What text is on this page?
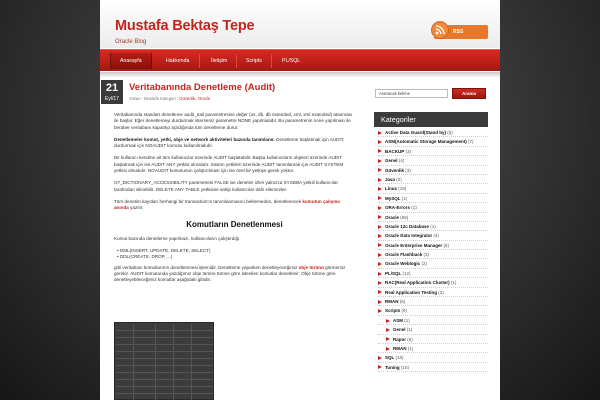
Mustafa Bektaş Tepe
Oracle Blog
RSS
Anasayfa	Hakkımda	İletişim	Scripts	PL/SQL
21
Eyl/17
Veritabanında Denetleme (Audit)
Yazan : Mustafa Kategori : Güvenlik, Oracle

Veritabanında standart denetleme audit_trail parametresine değer (os, db, db extended, xml, xml extended) atanması ile başlar. Eğer denetlemeyi durdurmak isterseniz parametre NONE yapılmalıdır. Bu parametrenin none yapılması ile beraber veritabanı kapatılıp açıldığında tüm denetleme durur.

Denetlemeler komut, yetki, obje ve network aktiviteleri bazında tanımlanır. Denetleme başlatmak için AUDIT, durdurmak için NOAUDIT komutu kullanılmalıdır.

Bir kullanıcı kendine ait tüm kullanıcılar üzerinde AUDIT başlatabilir. Başka kullanıcıların objeleri üzerinde AUDIT başlatmak için ise AUDIT ANY yetkisi olmalıdır. Sistem yetkileri üzerinde AUDIT tanımlamak için AUDIT SYSTEM yetkisi olmalıdır. NOAUDIT komutunun çalıştırılması için ise özel bir yetkiye gerek yoktur.

O7_DICTIONARY_ACCESSIBILITY parametresi FALSE ise denetim izleri yalnızca SYSDBA yetkili kullanıcılar tarafından silinebilir. DELETE ANY TABLE yetkisine sahip kullanıcılar dahi silemezler.

Tüm denetim kayıtları herhangi bir transaction'ın tanımlanmasını beklemeden, denetlenecek komutun çalışma anında yazılır.

Komutların Denetlenmesi

Komut bazında denetleme yapılmazı, kullanıcıların çalıştırdığı,

• DML(INSERT, UPDATE, DELETE, SELECT)
• DDL(CREATE, DROP, ...)

gibi veritabanı komutlarının denetlenmesi işlemidir. Denetleme yaparken denetleyeceğimiz obje türünü görmemiz gerekir. AUDIT komutunda yazdığımız obje türüne türüne göre istenilen komutlar denetlenir. Obje türüne göre denetleyebileceğimiz komutlar aşağıdaki gibidir.

Aranacak kelime
Arama
Kategoriler
Active Data Guard(Stand by) (5)
ASM(Automatic Storage Management) (7)
BACKUP (3)
Genel (4)
Güvenlik (3)
Java (2)
Linux (19)
MySQL (1)
ORA-Errors (1)
Oracle (69)
Oracle 12c Database (1)
Oracle Data Integrator (4)
Oracle Enterprise Manager (6)
Oracle Flashback (3)
Oracle Weblogic (2)
PL/SQL (12)
RAC(Real Application Cluster) (1)
Real Application Testing (2)
RMAN (6)
Scripts (9)
ASM (1)
Genel (1)
Rapor (6)
RMAN (1)
SQL (18)
Tuning (15)
